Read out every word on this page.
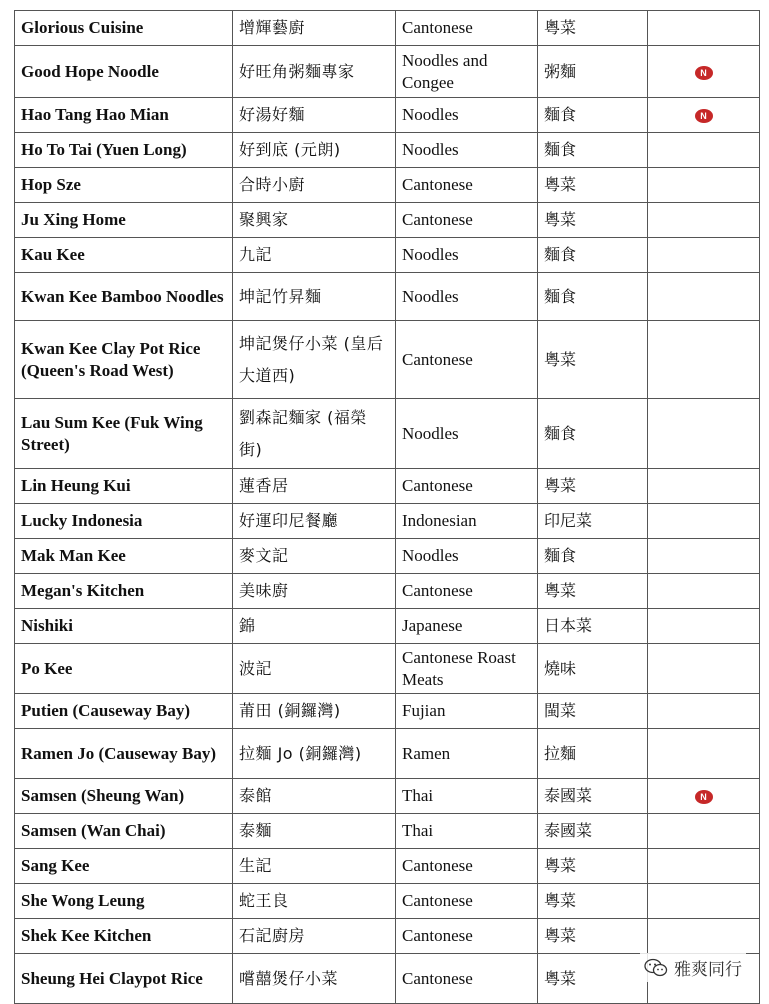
Glorious Cuisine	增輝藝廚	Cantonese	粵菜	
Good Hope Noodle	好旺角粥麵專家	Noodles and Congee	粥麵	N
Hao Tang Hao Mian	好湯好麵	Noodles	麵食	N
Ho To Tai (Yuen Long)	好到底 (元朗)	Noodles	麵食	
Hop Sze	合時小廚	Cantonese	粵菜	
Ju Xing Home	聚興家	Cantonese	粵菜	
Kau Kee	九記	Noodles	麵食	
Kwan Kee Bamboo Noodles	坤記竹昇麵	Noodles	麵食	
Kwan Kee Clay Pot Rice (Queen's Road West)	坤記煲仔小菜 (皇后大道西)	Cantonese	粵菜	
Lau Sum Kee (Fuk Wing Street)	劉森記麵家 (福榮街)	Noodles	麵食	
Lin Heung Kui	蓮香居	Cantonese	粵菜	
Lucky Indonesia	好運印尼餐廳	Indonesian	印尼菜	
Mak Man Kee	麥文記	Noodles	麵食	
Megan's Kitchen	美味廚	Cantonese	粵菜	
Nishiki	錦	Japanese	日本菜	
Po Kee	波記	Cantonese Roast Meats	燒味	
Putien (Causeway Bay)	莆田 (銅鑼灣)	Fujian	閩菜	
Ramen Jo (Causeway Bay)	拉麵 Jo (銅鑼灣)	Ramen	拉麵	
Samsen (Sheung Wan)	泰館	Thai	泰國菜	N
Samsen (Wan Chai)	泰麵	Thai	泰國菜	
Sang Kee	生記	Cantonese	粵菜	
She Wong Leung	蛇王良	Cantonese	粵菜	
Shek Kee Kitchen	石記廚房	Cantonese	粵菜	
Sheung Hei Claypot Rice	嚐囍煲仔小菜	Cantonese	粵菜		雅爽同行
